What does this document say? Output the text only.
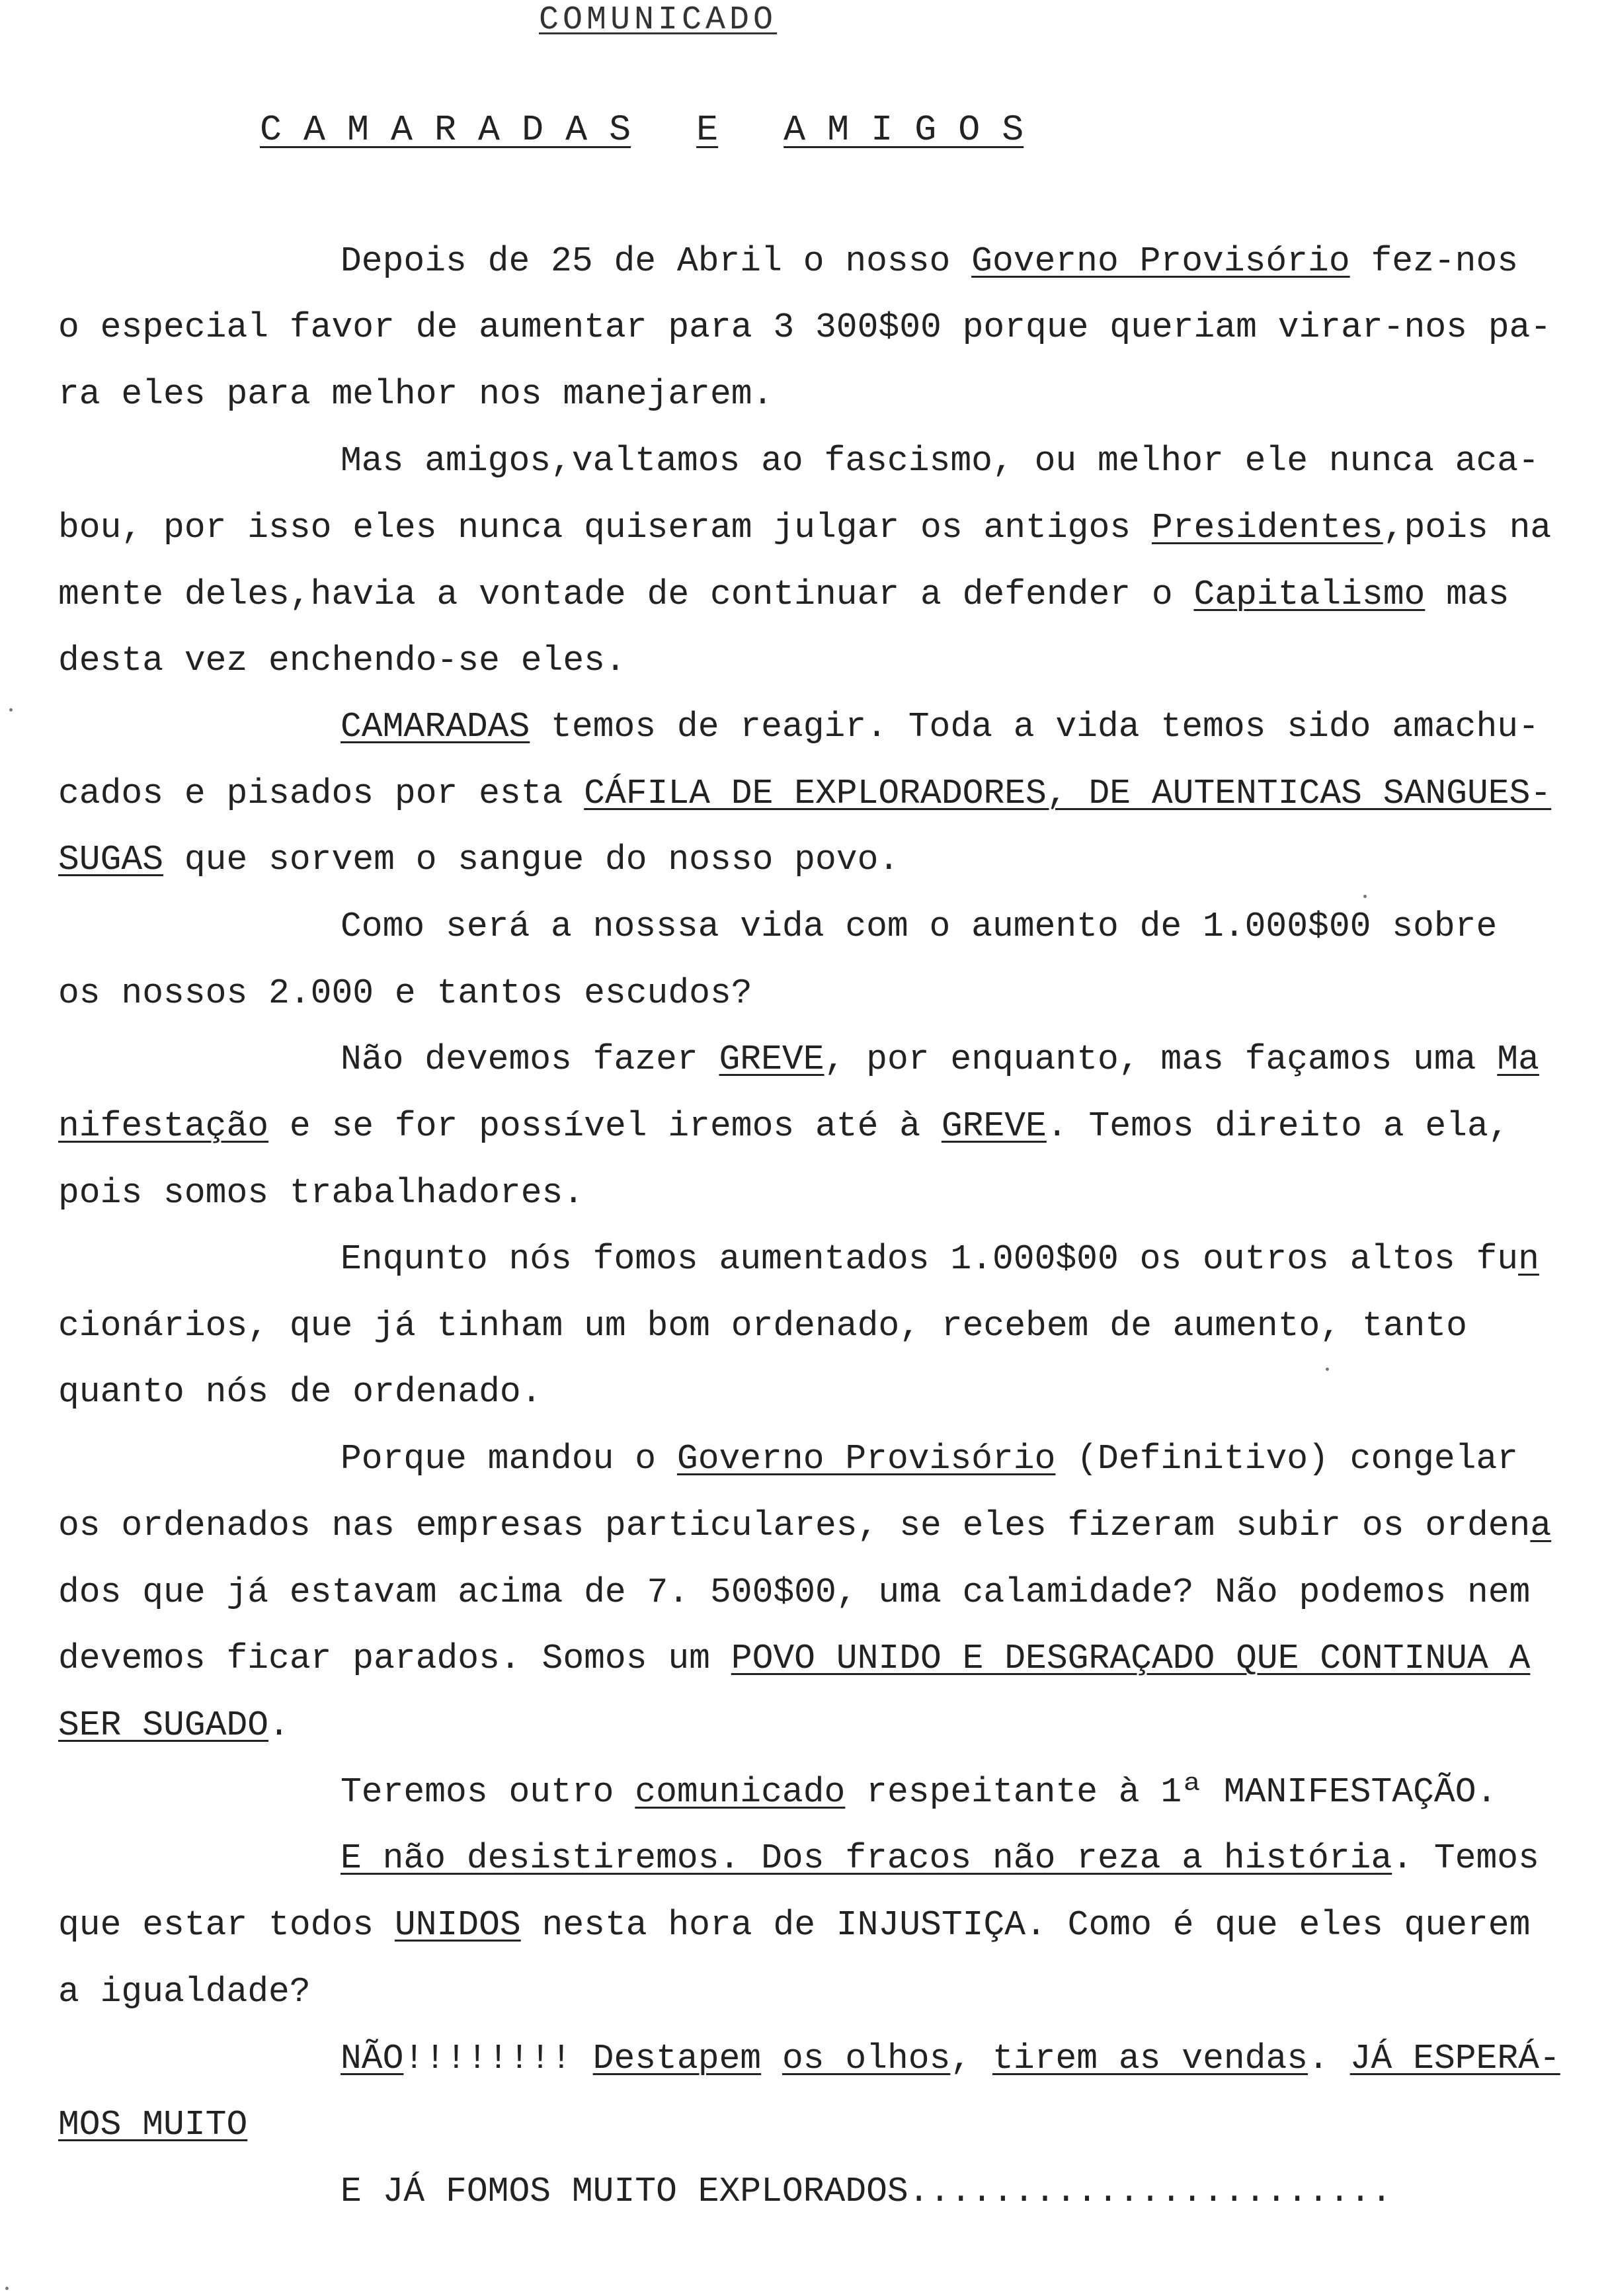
COMUNICADO
C A M A R A D A S E A M I G O S
Depois de 25 de Abril o nosso Governo Provisório fez-nos
o especial favor de aumentar para 3 300$00 porque queriam virar-nos pa-
ra eles para melhor nos manejarem.
Mas amigos,valtamos ao fascismo, ou melhor ele nunca aca-
bou, por isso eles nunca quiseram julgar os antigos Presidentes,pois na
mente deles,havia a vontade de continuar a defender o Capitalismo mas
desta vez enchendo-se eles.
CAMARADAS temos de reagir. Toda a vida temos sido amachu-
cados e pisados por esta CÁFILA DE EXPLORADORES, DE AUTENTICAS SANGUES-
SUGAS que sorvem o sangue do nosso povo.
Como será a nosssa vida com o aumento de 1.000$00 sobre
os nossos 2.000 e tantos escudos?
Não devemos fazer GREVE, por enquanto, mas façamos uma Ma
nifestação e se for possível iremos até à GREVE. Temos direito a ela,
pois somos trabalhadores.
Enqunto nós fomos aumentados 1.000$00 os outros altos fun
cionários, que já tinham um bom ordenado, recebem de aumento, tanto
quanto nós de ordenado.
Porque mandou o Governo Provisório (Definitivo) congelar
os ordenados nas empresas particulares, se eles fizeram subir os ordena
dos que já estavam acima de 7. 500$00, uma calamidade? Não podemos nem
devemos ficar parados. Somos um POVO UNIDO E DESGRAÇADO QUE CONTINUA A
SER SUGADO.
Teremos outro comunicado respeitante à 1ª MANIFESTAÇÃO.
E não desistiremos. Dos fracos não reza a história. Temos
que estar todos UNIDOS nesta hora de INJUSTIÇA. Como é que eles querem
a igualdade?
NÃO!!!!!!!! Destapem os olhos, tirem as vendas. JÁ ESPERÁ-
MOS MUITO
E JÁ FOMOS MUITO EXPLORADOS.......................
